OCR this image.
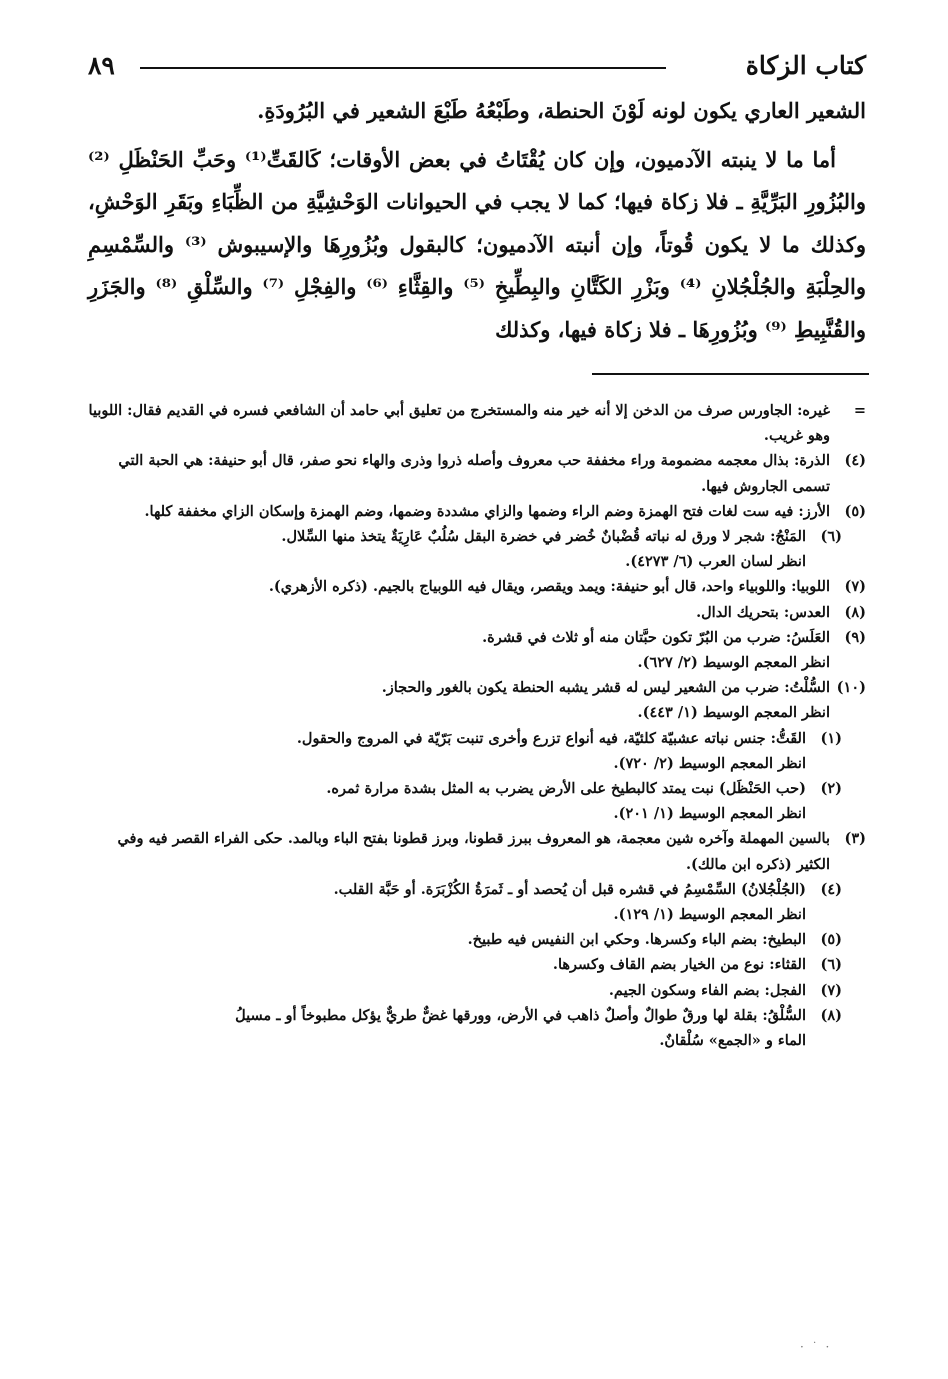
كتاب الزكاة
٨٩

الشعير العاري يكون لونه لَوْنَ الحنطة، وطَبْعُهُ طَبْعَ الشعير في البُرُودَةِ.

أما ما لا ينبته الآدميون، وإن كان يُقْتَاتُ في بعض الأوقات؛ كَالقَتِّ⁽¹⁾ وحَبِّ الحَنْظَلِ ⁽²⁾ والبُزُورِ البَرِّيَّةِ ـ فلا زكاة فيها؛ كما لا يجب في الحيوانات الوَحْشِيَّةِ من الظِّبَاءِ وبَقَرِ الوَحْشِ، وكذلك ما لا يكون قُوتاً، وإن أنبته الآدميون؛ كالبقول وبُزُورِهَا والإسيبوش ⁽³⁾ والسِّمْسِمِ والحِلْبَةِ والجُلْجُلانِ ⁽⁴⁾ وبَزْرِ الكَتَّانِ والبِطِّيخِ ⁽⁵⁾ والقِثَّاءِ ⁽⁶⁾ والفِجْلِ ⁽⁷⁾ والسِّلْقِ ⁽⁸⁾ والجَزَرِ والقُنَّبِيطِ ⁽⁹⁾ وبُزُورِهَا ـ فلا زكاة فيها، وكذلك

=
غيره: الجاورس صرف من الدخن إلا أنه خير منه والمستخرج من تعليق أبي حامد أن الشافعي فسره في القديم فقال: اللوبيا وهو غريب.
(٤)
الذرة: بذال معجمه مضمومة وراء مخففة حب معروف وأصله ذروا وذرى والهاء نحو صفر، قال أبو حنيفة: هي الحبة التي تسمى الجاروش فيها.
(٥)
الأرز: فيه ست لغات فتح الهمزة وضم الراء وضمها والزاي مشددة وضمها، وضم الهمزة وإسكان الزاي مخففة كلها.
(٦)
المَنْجُ: شجر لا ورق له نباته قُضْبانٌ خُضر في خضرة البقل سُلُبٌ عَارِيَةٌ يتخذ منها السِّلال.
انظر لسان العرب (٦/ ٤٢٧٣).
(٧)
اللوبيا: واللوبياء واحد، قال أبو حنيفة: ويمد ويقصر، ويقال فيه اللوبياج بالجيم. (ذكره الأزهري).
(٨)
العدس: بتحريك الدال.
(٩)
العَلَسُ: ضرب من البُرّ تكون حبَّتان منه أو ثلاث في قشرة.
انظر المعجم الوسيط (٢/ ٦٢٧).
(١٠)
السُّلْتُ: ضرب من الشعير ليس له قشر يشبه الحنطة يكون بالغور والحجاز.
انظر المعجم الوسيط (١/ ٤٤٣).
(١)
القَتُّ: جنس نباته عشبيّة كلئيّة، فيه أنواع تزرع وأخرى تنبت بَرّيّة في المروج والحقول.
انظر المعجم الوسيط (٢/ ٧٢٠).
(٢)
(حب الحَنْظَل) نبت يمتد كالبطيخ على الأرض يضرب به المثل بشدة مرارة ثمره.
انظر المعجم الوسيط (١/ ٢٠١).
(٣)
بالسين المهملة وآخره شين معجمة، هو المعروف ببرز قطونا، وبرز قطونا بفتح الباء وبالمد. حكى الفراء القصر فيه وفي الكثير (ذكره ابن مالك).
(٤)
(الجُلْجُلانُ) السِّمْسِمُ في قشره قبل أن يُحصد أو ـ ثَمرَةُ الكُزْبَرَة. أو حَبَّة القلب.
انظر المعجم الوسيط (١/ ١٢٩).
(٥)
البطيخ: بضم الباء وكسرها. وحكي ابن النفيس فيه طبيخ.
(٦)
القثاء: نوع من الخيار بضم القاف وكسرها.
(٧)
الفجل: بضم الفاء وسكون الجيم.
(٨)
السُّلْقُ: بقلة لها ورقٌ طوالٌ وأصلٌ ذاهب في الأرض، وورقها غضٌّ طريٌّ يؤكل مطبوخاً أو ـ مسيلُ
الماء و «الجمع» سُلْقانٌ.
· ˙ ·
